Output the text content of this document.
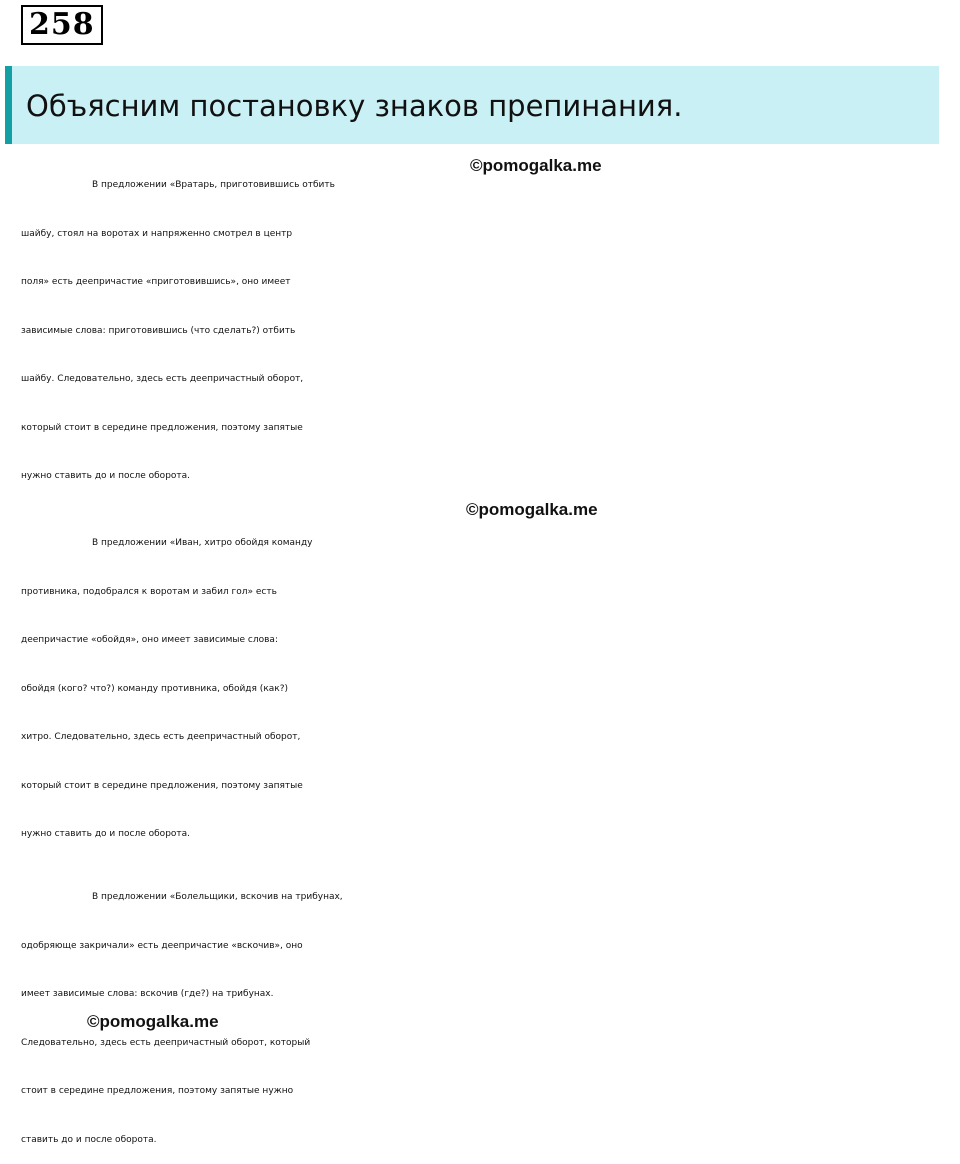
258
Объясним постановку знаков препинания.
В предложении «Вратарь, приготовившись отбить
шайбу, стоял на воротах и напряженно смотрел в центр
поля» есть деепричастие «приготовившись», оно имеет
зависимые слова: приготовившись (что сделать?) отбить
шайбу. Следовательно, здесь есть деепричастный оборот,
который стоит в середине предложения, поэтому запятые
нужно ставить до и после оборота.
В предложении «Иван, хитро обойдя команду
противника, подобрался к воротам и забил гол» есть
деепричастие «обойдя», оно имеет зависимые слова:
обойдя (кого? что?) команду противника, обойдя (как?)
хитро. Следовательно, здесь есть деепричастный оборот,
который стоит в середине предложения, поэтому запятые
нужно ставить до и после оборота.
В предложении «Болельщики, вскочив на трибунах,
одобряюще закричали» есть деепричастие «вскочив», оно
имеет зависимые слова: вскочив (где?) на трибунах.
Следовательно, здесь есть деепричастный оборот, который
стоит в середине предложения, поэтому запятые нужно
ставить до и после оборота.
©pomogalka.me
©pomogalka.me
©pomogalka.me
